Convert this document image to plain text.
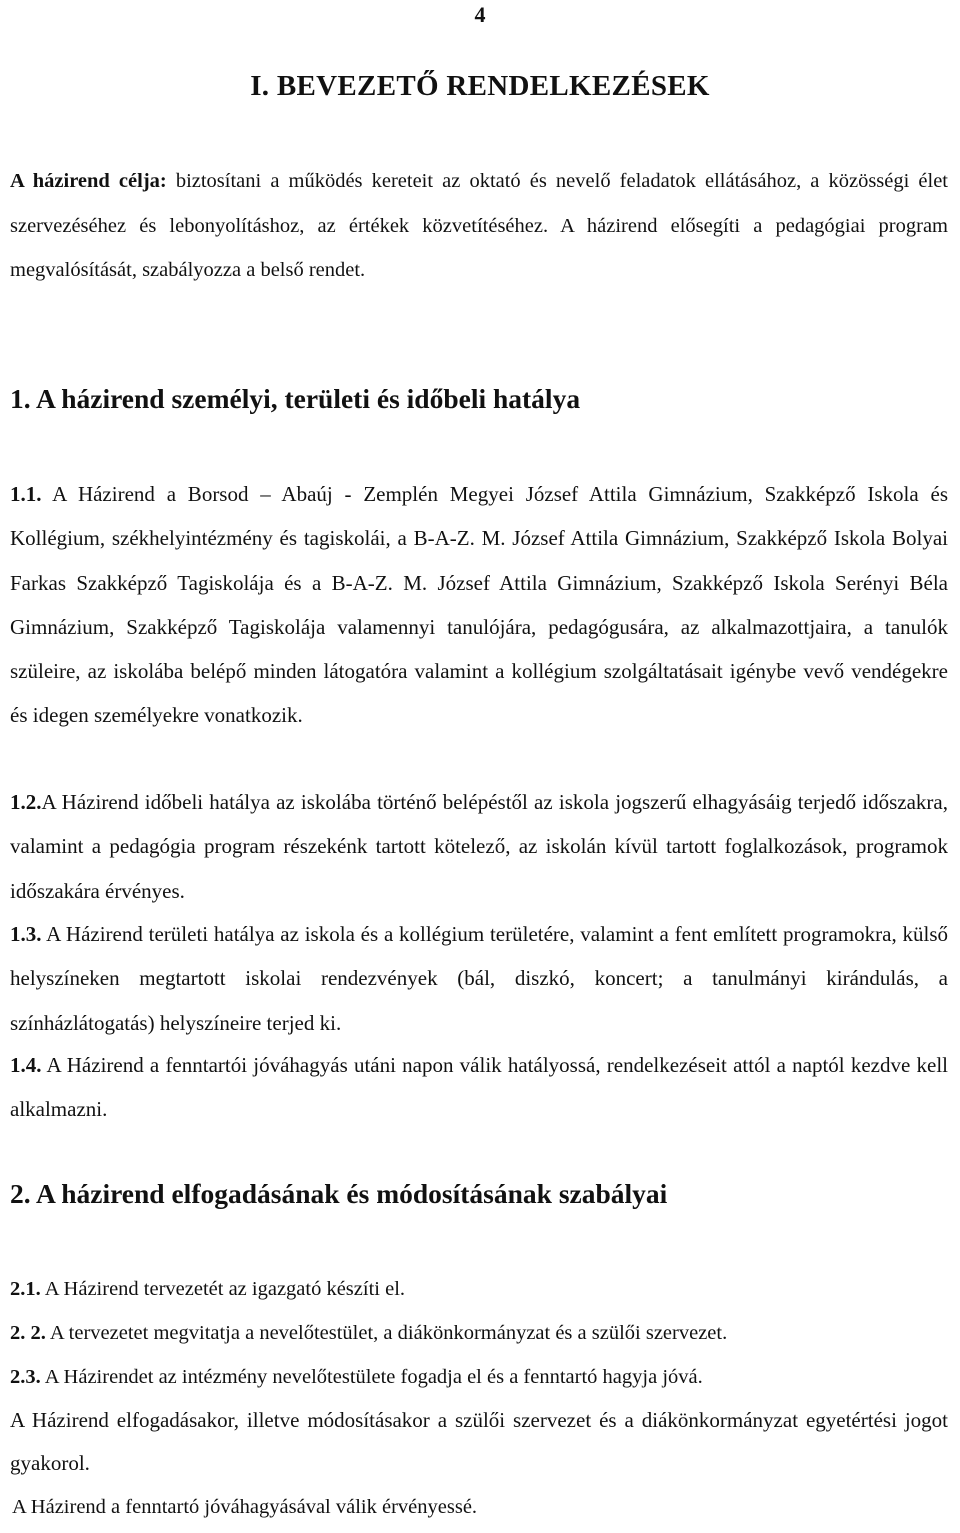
4
I. BEVEZETŐ RENDELKEZÉSEK
A házirend célja: biztosítani a működés kereteit az oktató és nevelő feladatok ellátásához, a közösségi élet szervezéséhez és lebonyolításhoz, az értékek közvetítéséhez. A házirend elősegíti a pedagógiai program megvalósítását, szabályozza a belső rendet.
1. A házirend személyi, területi és időbeli hatálya
1.1. A Házirend a Borsod – Abaúj - Zemplén Megyei József Attila Gimnázium, Szakképző Iskola és Kollégium, székhelyintézmény és tagiskolái, a B-A-Z. M. József Attila Gimnázium, Szakképző Iskola Bolyai Farkas Szakképző Tagiskolája és a B-A-Z. M. József Attila Gimnázium, Szakképző Iskola Serényi Béla Gimnázium, Szakképző Tagiskolája valamennyi tanulójára, pedagógusára, az alkalmazottjaira, a tanulók szüleire, az iskolába belépő minden látogatóra valamint a kollégium szolgáltatásait igénybe vevő vendégekre és idegen személyekre vonatkozik.
1.2.A Házirend időbeli hatálya az iskolába történő belépéstől az iskola jogszerű elhagyásáig terjedő időszakra, valamint a pedagógia program részekénk tartott kötelező, az iskolán kívül tartott foglalkozások, programok időszakára érvényes.
1.3. A Házirend területi hatálya az iskola és a kollégium területére, valamint a fent említett programokra, külső helyszíneken megtartott iskolai rendezvények (bál, diszkó, koncert; a tanulmányi kirándulás, a színházlátogatás) helyszíneire terjed ki.
1.4. A Házirend a fenntartói jóváhagyás utáni napon válik hatályossá, rendelkezéseit attól a naptól kezdve kell alkalmazni.
2. A házirend elfogadásának és módosításának szabályai
2.1. A Házirend tervezetét az igazgató készíti el.
2. 2. A tervezetet megvitatja a nevelőtestület, a diákönkormányzat és a szülői szervezet.
2.3. A Házirendet az intézmény nevelőtestülete fogadja el és a fenntartó hagyja jóvá.
A Házirend elfogadásakor, illetve módosításakor a szülői szervezet és a diákönkormányzat egyetértési jogot gyakorol.
A Házirend a fenntartó jóváhagyásával válik érvényessé.
